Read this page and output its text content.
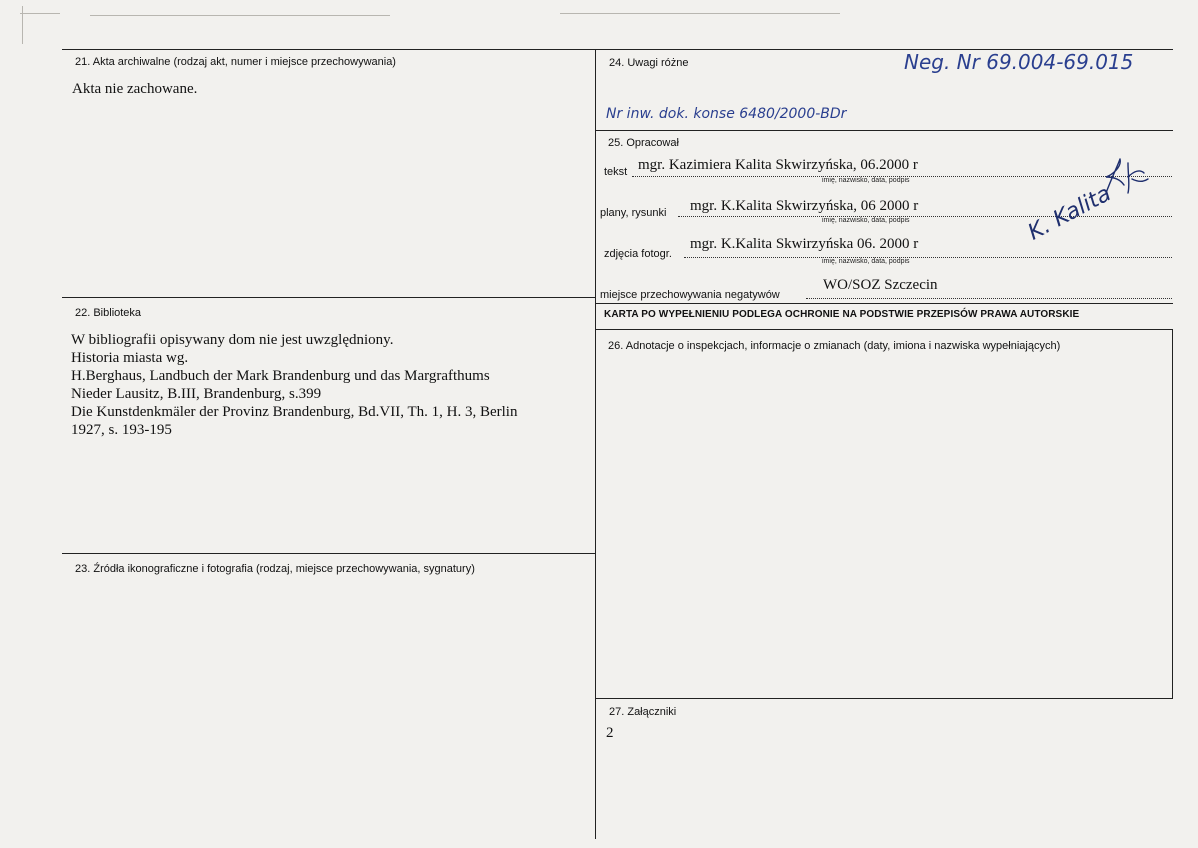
21. Akta archiwalne (rodzaj akt, numer i miejsce przechowywania)
Akta nie zachowane.
22. Biblioteka
W bibliografii opisywany dom nie jest uwzględniony.
Historia miasta wg.
H.Berghaus, Landbuch der Mark Brandenburg und das Margrafthums
Nieder Lausitz, B.III, Brandenburg, s.399
Die Kunstdenkmäler der Provinz Brandenburg, Bd.VII, Th. 1, H. 3, Berlin
1927, s. 193-195
23. Źródła ikonograficzne i fotografia (rodzaj, miejsce przechowywania, sygnatury)
24. Uwagi różne	Neg. Nr 69.004-69.015
Nr inw. dok. konse 6480/2000-BDr
25. Opracował
tekst mgr. Kazimiera Kalita Skwirzyńska, 06.2000 r
imię, nazwisko, data, podpis
plany, rysunki mgr. K.Kalita Skwirzyńska, 06 2000 r
imię, nazwisko, data, podpis
zdjęcia fotogr.
mgr. K.Kalita Skwirzyńska 06. 2000 r
imię, nazwisko, data, podpis
miejsce przechowywania negatywów
WO/SOZ Szczecin
K. Kalita
KARTA PO WYPEŁNIENIU PODLEGA OCHRONIE NA PODSTWIE PRZEPISÓW PRAWA AUTORSKIE
26. Adnotacje o inspekcjach, informacje o zmianach (daty, imiona i nazwiska wypełniających)
27. Załączniki
2
